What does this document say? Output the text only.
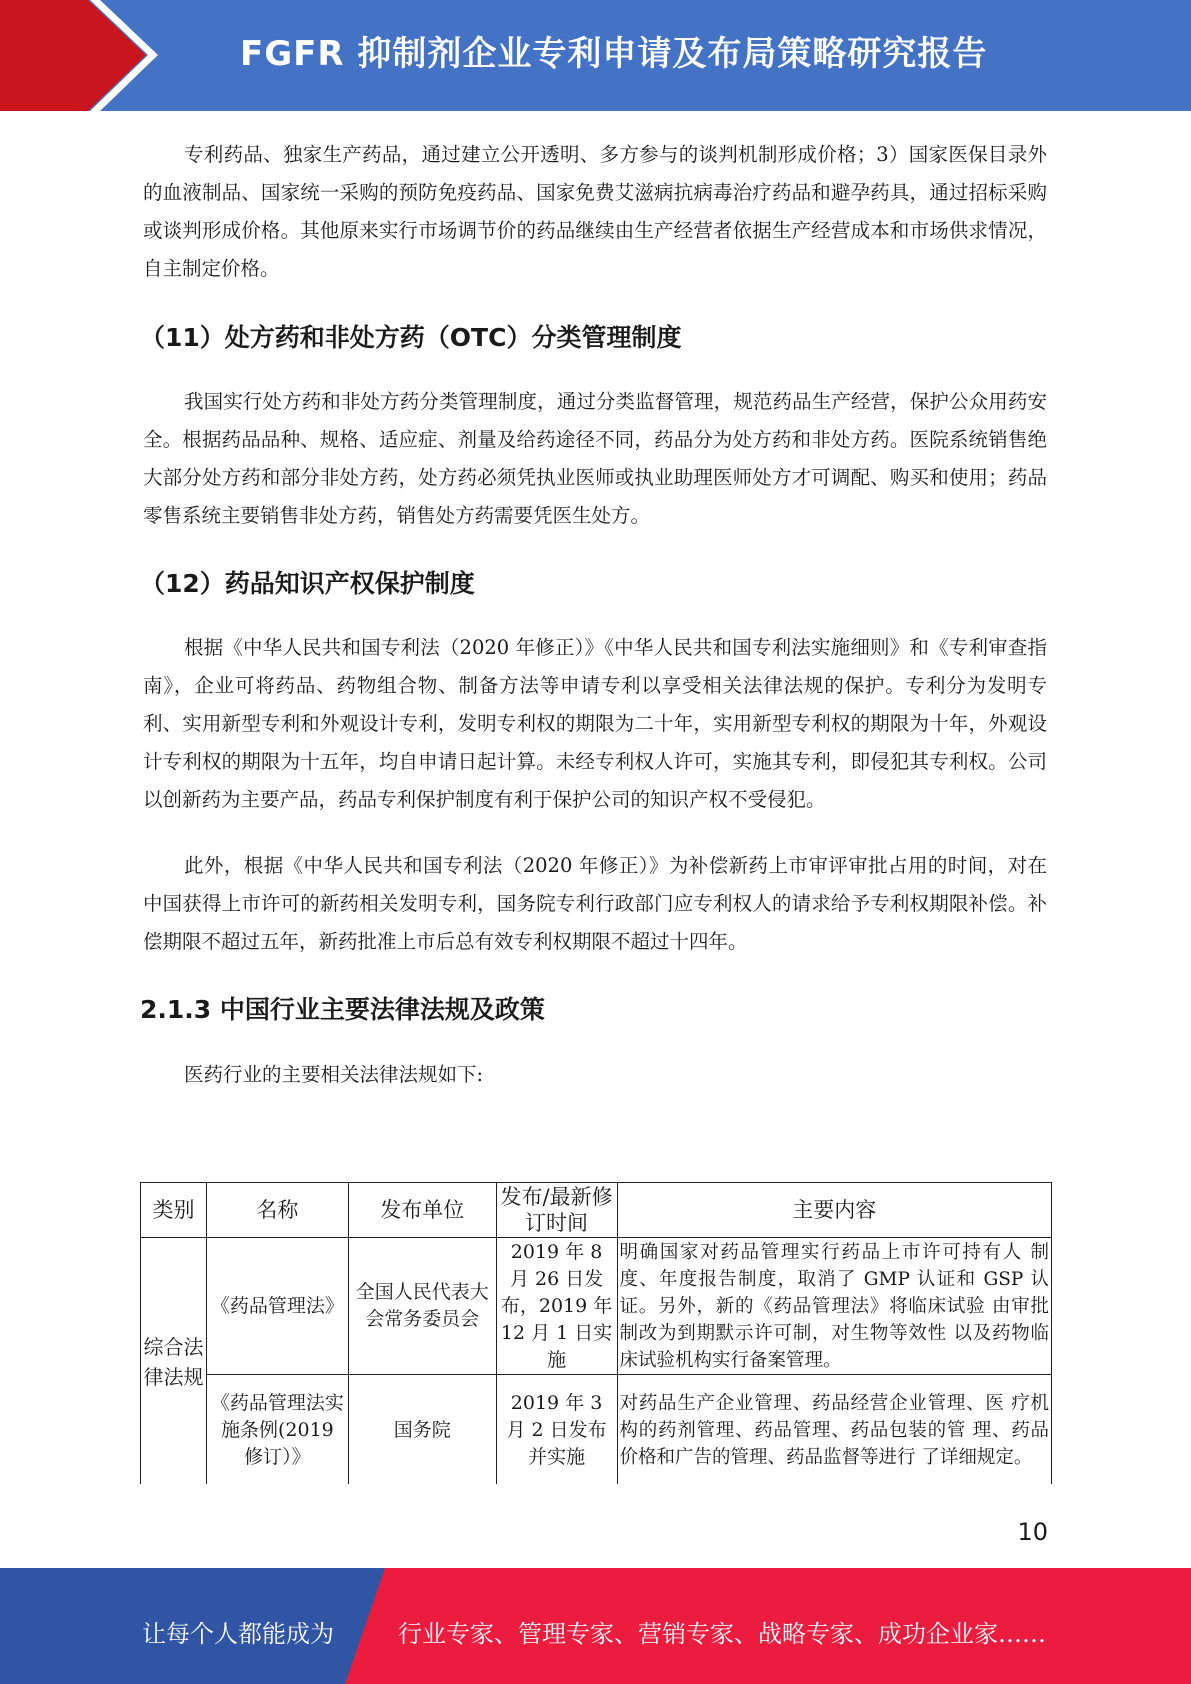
FGFR 抑制剂企业专利申请及布局策略研究报告

专利药品、独家生产药品，通过建立公开透明、多方参与的谈判机制形成价格；3）国家医保目录外的血液制品、国家统一采购的预防免疫药品、国家免费艾滋病抗病毒治疗药品和避孕药具，通过招标采购或谈判形成价格。其他原来实行市场调节价的药品继续由生产经营者依据生产经营成本和市场供求情况，自主制定价格。

（11）处方药和非处方药（OTC）分类管理制度

我国实行处方药和非处方药分类管理制度，通过分类监督管理，规范药品生产经营，保护公众用药安全。根据药品品种、规格、适应症、剂量及给药途径不同，药品分为处方药和非处方药。医院系统销售绝大部分处方药和部分非处方药，处方药必须凭执业医师或执业助理医师处方才可调配、购买和使用；药品零售系统主要销售非处方药，销售处方药需要凭医生处方。

（12）药品知识产权保护制度

根据《中华人民共和国专利法（2020 年修正）》《中华人民共和国专利法实施细则》和《专利审查指南》，企业可将药品、药物组合物、制备方法等申请专利以享受相关法律法规的保护。专利分为发明专利、实用新型专利和外观设计专利，发明专利权的期限为二十年，实用新型专利权的期限为十年，外观设计专利权的期限为十五年，均自申请日起计算。未经专利权人许可，实施其专利，即侵犯其专利权。公司以创新药为主要产品，药品专利保护制度有利于保护公司的知识产权不受侵犯。

此外，根据《中华人民共和国专利法（2020 年修正）》为补偿新药上市审评审批占用的时间，对在中国获得上市许可的新药相关发明专利，国务院专利行政部门应专利权人的请求给予专利权期限补偿。补偿期限不超过五年，新药批准上市后总有效专利权期限不超过十四年。

2.1.3 中国行业主要法律法规及政策

医药行业的主要相关法律法规如下:

类别	名称	发布单位	发布/最新修订时间	主要内容
综合法律法规	《药品管理法》	全国人民代表大会常务委员会	2019 年 8 月 26 日发布，2019 年 12 月 1 日实施	明确国家对药品管理实行药品上市许可持有人 制度、年度报告制度，取消了 GMP 认证和 GSP 认证。另外，新的《药品管理法》将临床试验 由审批制改为到期默示许可制，对生物等效性 以及药物临床试验机构实行备案管理。
	《药品管理法实施条例(2019 修订）》	国务院	2019 年 3 月 2 日发布并实施	对药品生产企业管理、药品经营企业管理、医 疗机构的药剂管理、药品管理、药品包装的管 理、药品价格和广告的管理、药品监督等进行 了详细规定。
10
让每个人都能成为	行业专家、管理专家、营销专家、战略专家、成功企业家……
